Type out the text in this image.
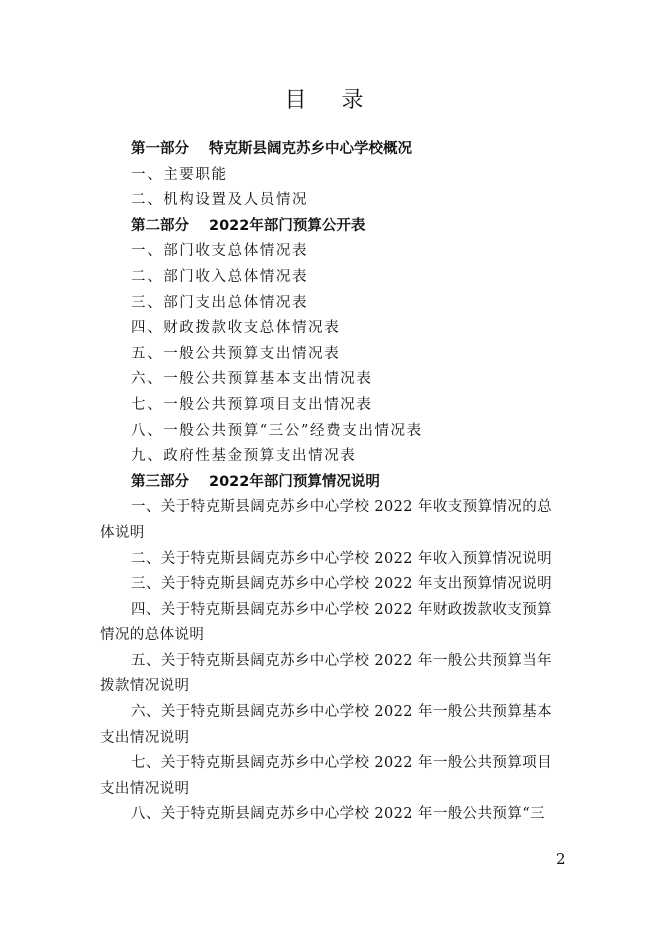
目 录
第一部分 特克斯县阔克苏乡中心学校概况
一、主要职能
二、机构设置及人员情况
第二部分 2022年部门预算公开表
一、部门收支总体情况表
二、部门收入总体情况表
三、部门支出总体情况表
四、财政拨款收支总体情况表
五、一般公共预算支出情况表
六、一般公共预算基本支出情况表
七、一般公共预算项目支出情况表
八、一般公共预算“三公”经费支出情况表
九、政府性基金预算支出情况表
第三部分 2022年部门预算情况说明
一、关于特克斯县阔克苏乡中心学校 2022 年收支预算情况的总
体说明
二、关于特克斯县阔克苏乡中心学校 2022 年收入预算情况说明
三、关于特克斯县阔克苏乡中心学校 2022 年支出预算情况说明
四、关于特克斯县阔克苏乡中心学校 2022 年财政拨款收支预算
情况的总体说明
五、关于特克斯县阔克苏乡中心学校 2022 年一般公共预算当年
拨款情况说明
六、关于特克斯县阔克苏乡中心学校 2022 年一般公共预算基本
支出情况说明
七、关于特克斯县阔克苏乡中心学校 2022 年一般公共预算项目
支出情况说明
八、关于特克斯县阔克苏乡中心学校 2022 年一般公共预算“三
2
